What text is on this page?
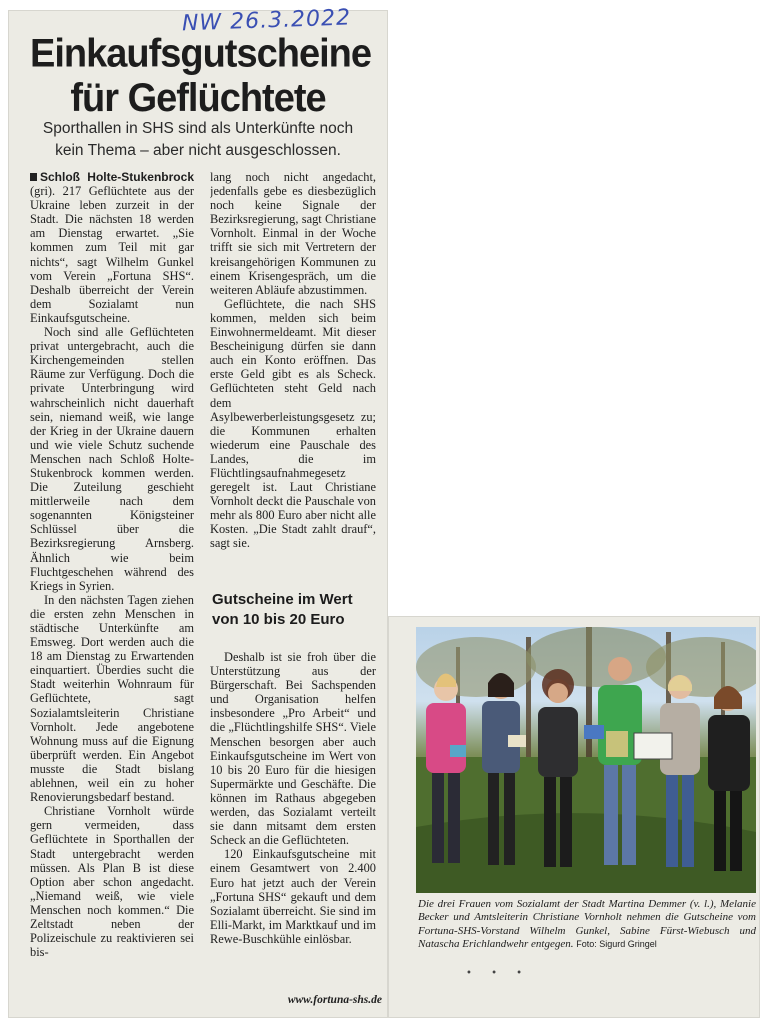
NW 26.3.2022
Einkaufsgutscheine für Geflüchtete
Sporthallen in SHS sind als Unterkünfte noch kein Thema – aber nicht ausgeschlossen.

Schloß Holte-Stukenbrock (gri). 217 Geflüchtete aus der Ukraine leben zurzeit in der Stadt. Die nächsten 18 werden am Dienstag erwartet. „Sie kommen zum Teil mit gar nichts“, sagt Wilhelm Gunkel vom Verein „Fortuna SHS“. Deshalb überreicht der Verein dem Sozialamt nun Einkaufsgutscheine.

Noch sind alle Geflüchteten privat untergebracht, auch die Kirchengemeinden stellen Räume zur Verfügung. Doch die private Unterbringung wird wahrscheinlich nicht dauerhaft sein, niemand weiß, wie lange der Krieg in der Ukraine dauern und wie viele Schutz suchende Menschen nach Schloß Holte-Stukenbrock kommen werden. Die Zuteilung geschieht mittlerweile nach dem sogenannten Königsteiner Schlüssel über die Bezirksregierung Arnsberg. Ähnlich wie beim Fluchtgeschehen während des Kriegs in Syrien.

In den nächsten Tagen ziehen die ersten zehn Menschen in städtische Unterkünfte am Emsweg. Dort werden auch die 18 am Dienstag zu Erwartenden einquartiert. Überdies sucht die Stadt weiterhin Wohnraum für Geflüchtete, sagt Sozialamtsleiterin Christiane Vornholt. Jede angebotene Wohnung muss auf die Eignung überprüft werden. Ein Angebot musste die Stadt bislang ablehnen, weil ein zu hoher Renovierungsbedarf bestand.

Christiane Vornholt würde gern vermeiden, dass Geflüchtete in Sporthallen der Stadt untergebracht werden müssen. Als Plan B ist diese Option aber schon angedacht. „Niemand weiß, wie viele Menschen noch kommen.“ Die Zeltstadt neben der Polizeischule zu reaktivieren sei bis-

lang noch nicht angedacht, jedenfalls gebe es diesbezüglich noch keine Signale der Bezirksregierung, sagt Christiane Vornholt. Einmal in der Woche trifft sie sich mit Vertretern der kreisangehörigen Kommunen zu einem Krisengespräch, um die weiteren Abläufe abzustimmen.

Geflüchtete, die nach SHS kommen, melden sich beim Einwohnermeldeamt. Mit dieser Bescheinigung dürfen sie dann auch ein Konto eröffnen. Das erste Geld gibt es als Scheck. Geflüchteten steht Geld nach dem Asylbewerberleistungsgesetz zu; die Kommunen erhalten wiederum eine Pauschale des Landes, die im Flüchtlingsaufnahmegesetz geregelt ist. Laut Christiane Vornholt deckt die Pauschale von mehr als 800 Euro aber nicht alle Kosten. „Die Stadt zahlt drauf“, sagt sie.

Gutscheine im Wert von 10 bis 20 Euro

Deshalb ist sie froh über die Unterstützung aus der Bürgerschaft. Bei Sachspenden und Organisation helfen insbesondere „Pro Arbeit“ und die „Flüchtlingshilfe SHS“. Viele Menschen besorgen aber auch Einkaufsgutscheine im Wert von 10 bis 20 Euro für die hiesigen Supermärkte und Geschäfte. Die können im Rathaus abgegeben werden, das Sozialamt verteilt sie dann mitsamt dem ersten Scheck an die Geflüchteten.

120 Einkaufsgutscheine mit einem Gesamtwert von 2.400 Euro hat jetzt auch der Verein „Fortuna SHS“ gekauft und dem Sozialamt überreicht. Sie sind im Elli-Markt, im Marktkauf und im Rewe-Buschkühle einlösbar.

www.fortuna-shs.de
Die drei Frauen vom Sozialamt der Stadt Martina Demmer (v. l.), Melanie Becker und Amtsleiterin Christiane Vornholt nehmen die Gutscheine vom Fortuna-SHS-Vorstand Wilhelm Gunkel, Sabine Fürst-Wiebusch und Natascha Erichlandwehr entgegen. Foto: Sigurd Gringel
• • •
